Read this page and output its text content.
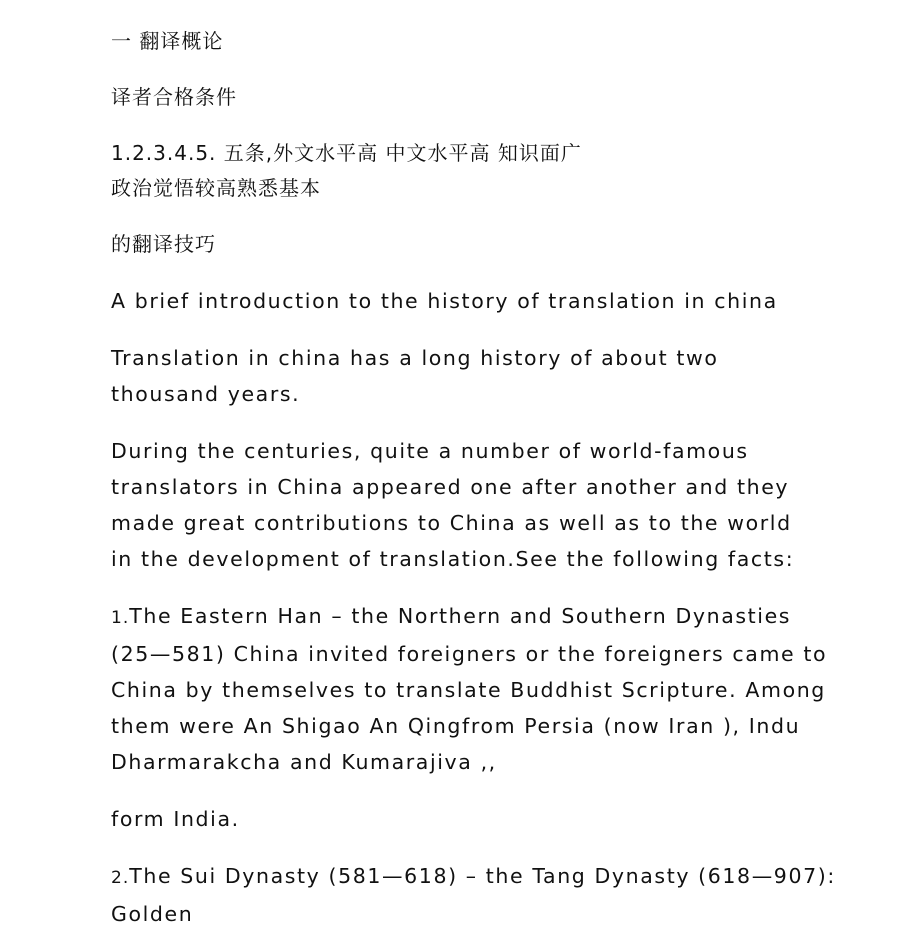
一 翻译概论

译者合格条件

1.2.3.4.5. 五条,外文水平高 中文水平高 知识面广
政治觉悟较高熟悉基本

的翻译技巧

A brief introduction to the history of translation in china

Translation in china has a long history of about two
thousand years.

During the centuries, quite a number of world-famous
translators in China appeared one after another and they
made great contributions to China as well as to the world
in the development of translation.See the following facts:

1.The Eastern Han – the Northern and Southern Dynasties
(25—581) China invited foreigners or the foreigners came to
China by themselves to translate Buddhist Scripture. Among
them were An Shigao An Qingfrom Persia (now Iran ), Indu
Dharmarakcha and Kumarajiva ,,

form India.

2.The Sui Dynasty (581—618) – the Tang Dynasty (618—907):
Golden
